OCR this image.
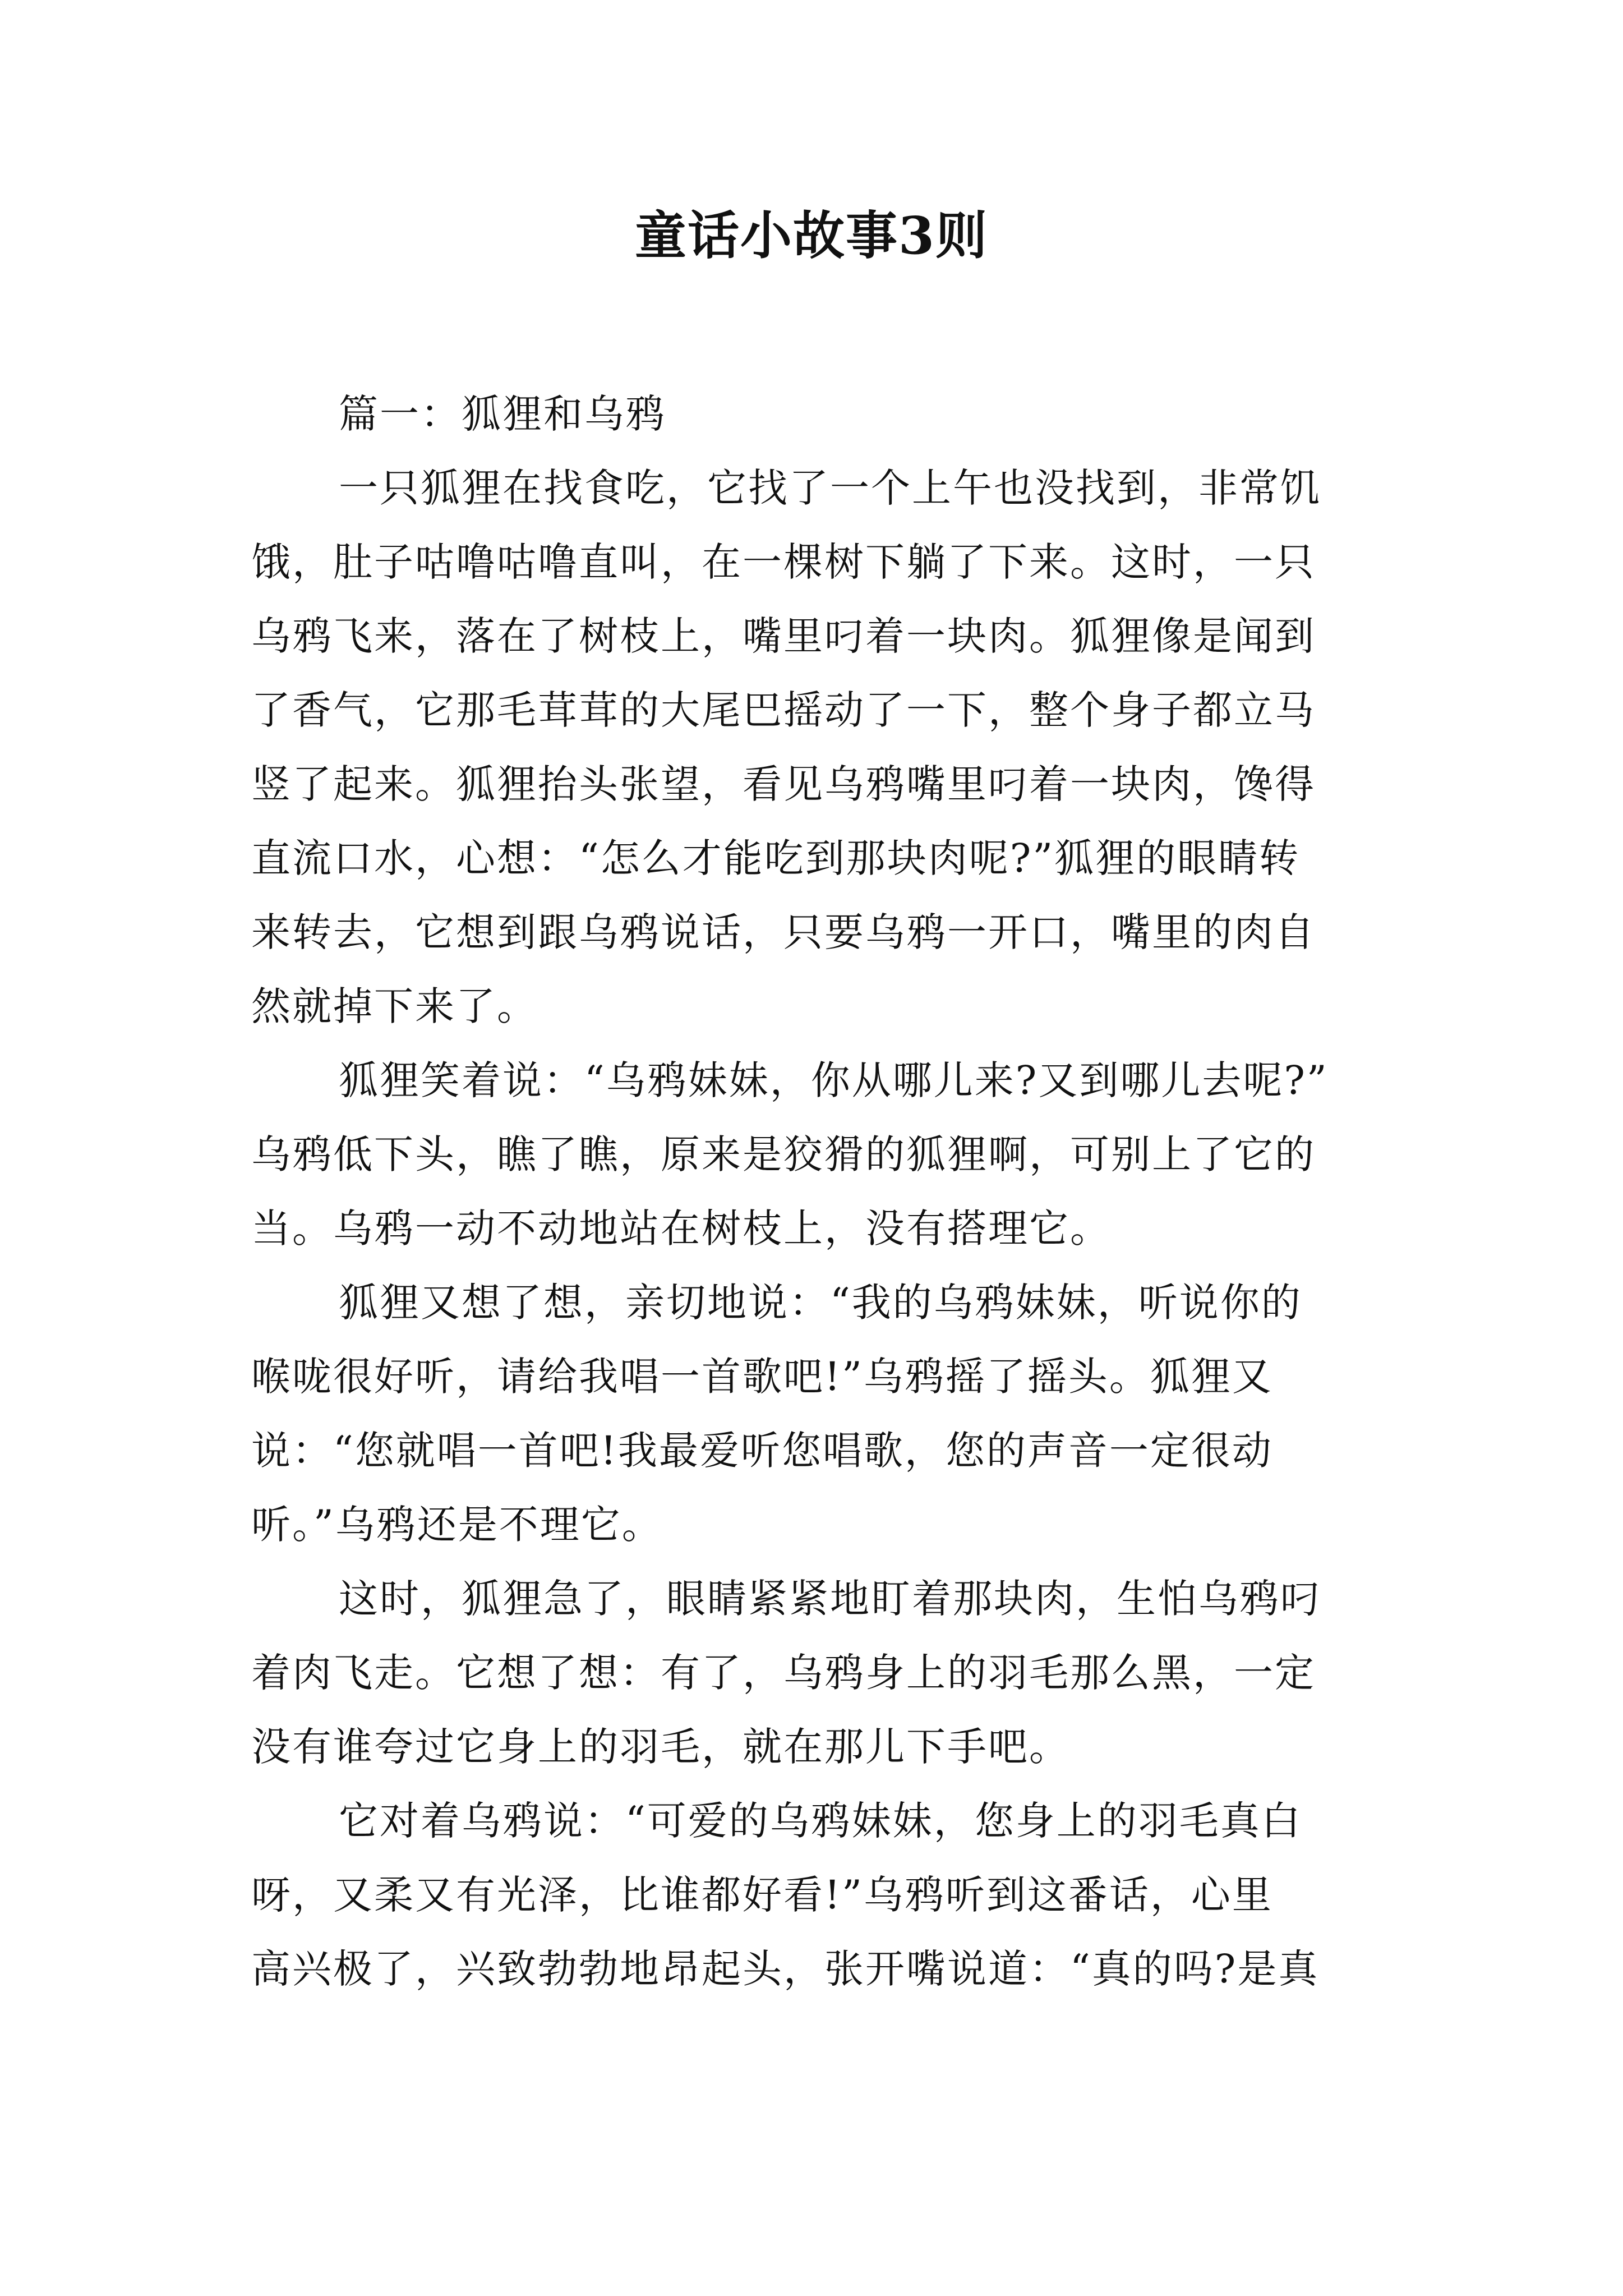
童话小故事3则
篇一：狐狸和乌鸦
一只狐狸在找食吃，它找了一个上午也没找到，非常饥
饿，肚子咕噜咕噜直叫，在一棵树下躺了下来。这时，一只
乌鸦飞来，落在了树枝上，嘴里叼着一块肉。狐狸像是闻到
了香气，它那毛茸茸的大尾巴摇动了一下，整个身子都立马
竖了起来。狐狸抬头张望，看见乌鸦嘴里叼着一块肉，馋得
直流口水，心想：“怎么才能吃到那块肉呢?”狐狸的眼睛转
来转去，它想到跟乌鸦说话，只要乌鸦一开口，嘴里的肉自
然就掉下来了。
狐狸笑着说：“乌鸦妹妹，你从哪儿来?又到哪儿去呢?”
乌鸦低下头，瞧了瞧，原来是狡猾的狐狸啊，可别上了它的
当。乌鸦一动不动地站在树枝上，没有搭理它。
狐狸又想了想，亲切地说：“我的乌鸦妹妹，听说你的
喉咙很好听，请给我唱一首歌吧!”乌鸦摇了摇头。狐狸又
说：“您就唱一首吧!我最爱听您唱歌，您的声音一定很动
听。”乌鸦还是不理它。
这时，狐狸急了，眼睛紧紧地盯着那块肉，生怕乌鸦叼
着肉飞走。它想了想：有了，乌鸦身上的羽毛那么黑，一定
没有谁夸过它身上的羽毛，就在那儿下手吧。
它对着乌鸦说：“可爱的乌鸦妹妹，您身上的羽毛真白
呀，又柔又有光泽，比谁都好看!”乌鸦听到这番话，心里
高兴极了，兴致勃勃地昂起头，张开嘴说道：“真的吗?是真
